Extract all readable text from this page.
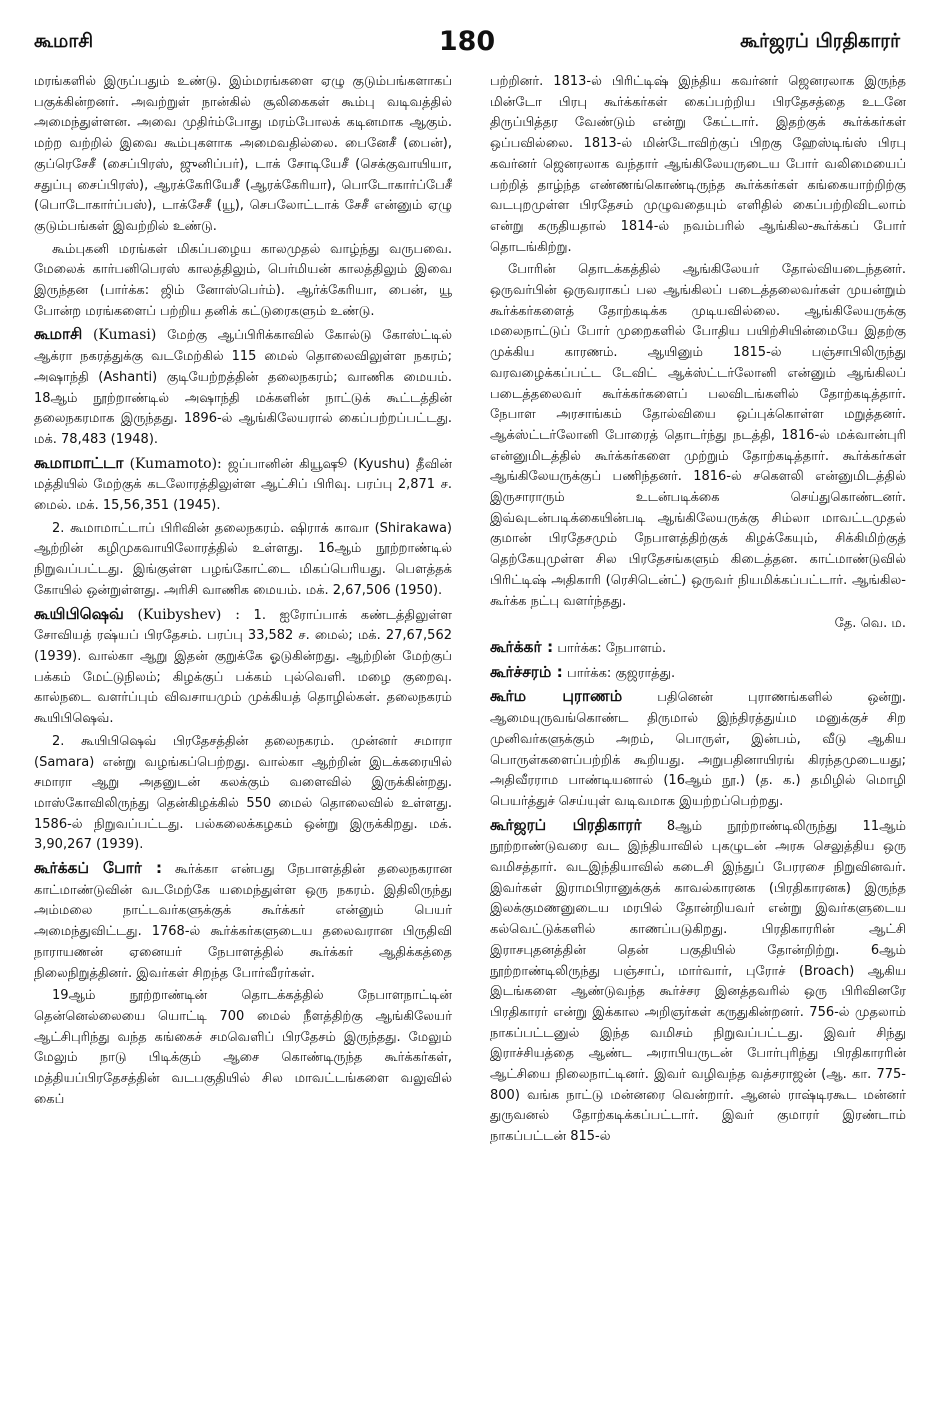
கூமாசி	180	கூர்ஜரப் பிரதிகாரர்

மரங்களில் இருப்பதும் உண்டு. இம்மரங்களை ஏழு குடும்பங்களாகப் பகுக்கின்றனர். அவற்றுள் நான்கில் சூலிகைகள் கூம்பு வடிவத்தில் அமைந்துள்ளன. அவை முதிர்ம்போது மரம்போலக் கடினமாக ஆகும். மற்ற வற்றில் இவை கூம்புகளாக அமைவதில்லை. பைனேசீ (பைன்), குப்ரெசேசீ (சைப்பிரஸ், ஜுனிப்பர்), டாக் சோடியேசீ (செக்குவாயியா, சதுப்பு சைப்பிரஸ்), ஆரக்கேரியேசீ (ஆரக்கேரியா), பொடோகார்ப்பேசீ (பொடோகார்ப்பஸ்), டாக்சேசீ (யூ), செபலோட்டாக் சேசீ என்னும் ஏழு குடும்பங்கள் இவற்றில் உண்டு.

கூம்புகனி மரங்கள் மிகப்பழைய காலமுதல் வாழ்ந்து வருபவை. மேலைக் கார்பனிபெரஸ் காலத்திலும், பெர்மியன் காலத்திலும் இவை இருந்தன (பார்க்க: ஜிம் னோஸ்பெர்ம்). ஆர்க்கேரியா, பைன், யூ போன்ற மரங்களைப் பற்றிய தனிக் கட்டுரைகளும் உண்டு.

கூமாசி (Kumasi) மேற்கு ஆப்பிரிக்காவில் கோல்டு கோஸ்ட்டில் ஆக்ரா நகரத்துக்கு வடமேற்கில் 115 மைல் தொலைவிலுள்ள நகரம்; அஷாந்தி (Ashanti) குடியேற்றத்தின் தலைநகரம்; வாணிக மையம். 18ஆம் நூற்றாண்டில் அஷாந்தி மக்களின் நாட்டுக் கூட்டத்தின் தலைநகரமாக இருந்தது. 1896-ல் ஆங்கிலேயரால் கைப்பற்றப்பட்டது. மக். 78,483 (1948).

கூமாமாட்டா (Kumamoto): ஜப்பானின் கியூஷூ (Kyushu) தீவின் மத்தியில் மேற்குக் கடலோரத்திலுள்ள ஆட்சிப் பிரிவு. பரப்பு 2,871 ச. மைல். மக். 15,56,351 (1945).

2. கூமாமாட்டாப் பிரிவின் தலைநகரம். ஷிராக் காவா (Shirakawa) ஆற்றின் கழிமுகவாயிலோரத்தில் உள்ளது. 16ஆம் நூற்றாண்டில் நிறுவப்பட்டது. இங்குள்ள பழங்கோட்டை மிகப்பெரியது. பௌத்தக் கோயில் ஒன்றுள்ளது. அரிசி வாணிக மையம். மக். 2,67,506 (1950).

கூயிபிஷெவ் (Kuibyshev) : 1. ஐரோப்பாக் கண்டத்திலுள்ள சோவியத் ரஷ்யப் பிரதேசம். பரப்பு 33,582 ச. மைல்; மக். 27,67,562 (1939). வால்கா ஆறு இதன் குறுக்கே ஓடுகின்றது. ஆற்றின் மேற்குப் பக்கம் மேட்டுநிலம்; கிழக்குப் பக்கம் புல்வெளி. மழை குறைவு. கால்நடை வளர்ப்பும் விவசாயமும் முக்கியத் தொழில்கள். தலைநகரம் கூயிபிஷெவ்.

2. கூயிபிஷெவ் பிரதேசத்தின் தலைநகரம். முன்னர் சமாரா (Samara) என்று வழங்கப்பெற்றது. வால்கா ஆற்றின் இடக்கரையில் சமாரா ஆறு அதனுடன் கலக்கும் வளைவில் இருக்கின்றது. மாஸ்கோவிலிருந்து தென்கிழக்கில் 550 மைல் தொலைவில் உள்ளது. 1586-ல் நிறுவப்பட்டது. பல்கலைக்கழகம் ஒன்று இருக்கிறது. மக். 3,90,267 (1939).

கூர்க்கப் போர் : கூர்க்கா என்பது நேபாளத்தின் தலைநகரான காட்மாண்டுவின் வடமேற்கே யமைந்துள்ள ஒரு நகரம். இதிலிருந்து அம்மலை நாட்டவர்களுக்குக் கூர்க்கர் என்னும் பெயர் அமைந்துவிட்டது. 1768-ல் கூர்க்கர்களுடைய தலைவரான பிருதிவி நாராயணன் ஏனையர் நேபாளத்தில் கூர்க்கர் ஆதிக்கத்தை நிலைநிறுத்தினர். இவர்கள் சிறந்த போர்வீரர்கள்.

19ஆம் நூற்றாண்டின் தொடக்கத்தில் நேபாளநாட்டின் தென்னெல்லையை யொட்டி 700 மைல் நீளத்திற்கு ஆங்கிலேயர் ஆட்சிபுரிந்து வந்த கங்கைச் சமவெளிப் பிரதேசம் இருந்தது. மேலும் மேலும் நாடு பிடிக்கும் ஆசை கொண்டிருந்த கூர்க்கர்கள், மத்தியப்பிரதேசத்தின் வடபகுதியில் சில மாவட்டங்களை வலுவில் கைப்

பற்றினர். 1813-ல் பிரிட்டிஷ் இந்திய கவர்னர் ஜெனரலாக இருந்த மின்டோ பிரபு கூர்க்கர்கள் கைப்பற்றிய பிரதேசத்தை உடனே திருப்பித்தர வேண்டும் என்று கேட்டார். இதற்குக் கூர்க்கர்கள் ஒப்பவில்லை. 1813-ல் மின்டோவிற்குப் பிறகு ஹேஸ்டிங்ஸ் பிரபு கவர்னர் ஜெனரலாக வந்தார் ஆங்கிலேயருடைய போர் வலிமையைப் பற்றித் தாழ்ந்த எண்ணங்கொண்டிருந்த கூர்க்கர்கள் கங்கையாற்றிற்கு வடபுறமுள்ள பிரதேசம் முழுவதையும் எளிதில் கைப்பற்றிவிடலாம் என்று கருதியதால் 1814-ல் நவம்பரில் ஆங்கில-கூர்க்கப் போர் தொடங்கிற்று.

போரின் தொடக்கத்தில் ஆங்கிலேயர் தோல்வியடைந்தனர். ஒருவர்பின் ஒருவராகப் பல ஆங்கிலப் படைத்தலைவர்கள் முயன்றும் கூர்க்கர்களைத் தோற்கடிக்க முடியவில்லை. ஆங்கிலேயருக்கு மலைநாட்டுப் போர் முறைகளில் போதிய பயிற்சியின்மையே இதற்கு முக்கிய காரணம். ஆயினும் 1815-ல் பஞ்சாபிலிருந்து வரவழைக்கப்பட்ட டேவிட் ஆக்ஸ்ட்டர்லோனி என்னும் ஆங்கிலப் படைத்தலைவர் கூர்க்கர்களைப் பலவிடங்களில் தோற்கடித்தார். நேபாள அரசாங்கம் தோல்வியை ஒப்புக்கொள்ள மறுத்தனர். ஆக்ஸ்ட்டர்லோனி போரைத் தொடர்ந்து நடத்தி, 1816-ல் மக்வான்புரி என்னுமிடத்தில் கூர்க்கர்களை முற்றும் தோற்கடித்தார். கூர்க்கர்கள் ஆங்கிலேயருக்குப் பணிந்தனர். 1816-ல் சகௌலி என்னுமிடத்தில் இருசாராரும் உடன்படிக்கை செய்துகொண்டனர். இவ்வுடன்படிக்கையின்படி ஆங்கிலேயருக்கு சிம்லா மாவட்டமுதல் குமான் பிரதேசமும் நேபாளத்திற்குக் கிழக்கேயும், சிக்கிமிற்குத் தெற்கேயுமுள்ள சில பிரதேசங்களும் கிடைத்தன. காட்மாண்டுவில் பிரிட்டிஷ் அதிகாரி (ரெசிடென்ட்) ஒருவர் நியமிக்கப்பட்டார். ஆங்கில-கூர்க்க நட்பு வளர்ந்தது.

தே. வெ. ம.

கூர்க்கர் : பார்க்க: நேபாளம்.

கூர்ச்சரம் : பார்க்க: குஜராத்து.

கூர்ம புராணம்	பதினென் புராணங்களில் ஒன்று. ஆமையுருவங்கொண்ட திருமால் இந்திரத்துய்ம மனுக்குச் சிற முனிவர்களுக்கும் அறம், பொருள், இன்பம், வீடு ஆகிய பொருள்களைப்பற்றிக் கூறியது. அறுபதினாயிரங் கிரந்தமுடையது; அதிவீரராம பாண்டியனால் (16ஆம் நூ.) (த. க.) தமிழில் மொழி பெயர்த்துச் செய்யுள் வடிவமாக இயற்றப்பெற்றது.

கூர்ஜரப் பிரதிகாரர் 8ஆம் நூற்றாண்டிலிருந்து 11ஆம் நூற்றாண்டுவரை வட இந்தியாவில் புகழுடன் அரசு செலுத்திய ஒரு வமிசத்தார். வடஇந்தியாவில் கடைசி இந்துப் பேரரசை நிறுவினவர். இவர்கள் இராமபிரானுக்குக் காவல்காரனக (பிரதிகாரனக) இருந்த இலக்குமணனுடைய மரபில் தோன்றியவர் என்று இவர்களுடைய கல்வெட்டுக்களில் காணப்படுகிறது. பிரதிகாரரின் ஆட்சி இராசபுதனத்தின் தென் பகுதியில் தோன்றிற்று. 6ஆம் நூற்றாண்டிலிருந்து பஞ்சாப், மார்வார், புரோச் (Broach) ஆகிய இடங்களை ஆண்டுவந்த கூர்ச்சர இனத்தவரில் ஒரு பிரிவினரே பிரதிகாரர் என்று இக்கால அறிஞர்கள் கருதுகின்றனர். 756-ல் முதலாம் நாகப்பட்டனுல் இந்த வமிசம் நிறுவப்பட்டது. இவர் சிந்து இராச்சியத்தை ஆண்ட அராபியருடன் போர்புரிந்து பிரதிகாரரின் ஆட்சியை நிலைநாட்டினர். இவர் வழிவந்த வத்சராஜன் (ஆ. கா. 775-800) வங்க நாட்டு மன்னரை வென்றார். ஆனல் ராஷ்டிரகூட மன்னர் துருவனல் தோற்கடிக்கப்பட்டார். இவர் குமாரர் இரண்டாம் நாகப்பட்டன் 815-ல்
